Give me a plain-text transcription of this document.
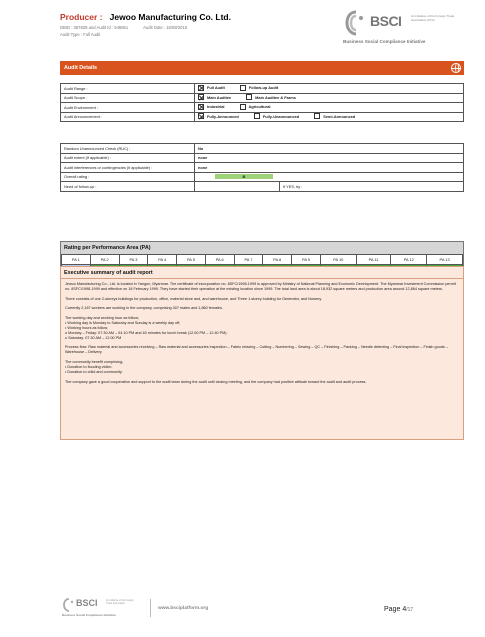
Producer : Jewoo Manufacturing Co. Ltd.
DBID : 387828 and Audit Id : 546651	Audit Date : 16/08/2016
Audit Type : Full Audit
BSCI	An initiative of the Foreign Trade Association (FTA)
Business Social Compliance Initiative
Audit Details
Audit Range :	Full Audit
Follow-up Audit

Audit Scope :	Main Auditee
Main Auditee & Farms

Audit Environment :	Industrial
Agricultural

Audit Announcement :	Fully-Announced
Fully-Unannounced
Semi-Announced
Random Unannounced Check (RUC) :	No	
Audit extent (if applicable) :	none	
Audit interferences or contingencies (if applicable) :	none	
Overall rating :	B	
Need of follow-up :		If YES, by :
Rating per Performance Area (PA)
PA 1	PA 2	PA 3	PA 4	PA 5	PA 6	PA 7	PA 8	PA 9	PA 10	PA 11	PA 12	PA 13

Executive summary of audit report

Jewoo Manufacturing Co., Ltd. is located in Yangon, Myanmar. The certificate of incorporation no. 8SFC/1998-1999 is approved by Ministry of National Planning and Economic Development. The Myanmar Investment Commission permit no. 8SFC/1998-1999 and effective on 18 February 1999. They have started their operation at the existing location since 1999. The total land area is about 18,932 square meters and production area around 12,864 square meters.

There consists of one 2-storeys buildings for production, office, material store and, and warehouse, and Three 1-storey building for Generator, and Nursery.

Currently 2,167 workers are working in the company, comprising 307 males and 1,860 females.

The working day and working hour as follow;
• Working day is Monday to Saturday and Sunday is a weekly day off;
• Working hours as follow;
o Monday – Friday: 07.30 AM – 04.10 PM and 40 minutes for lunch break (12.00 PM – 12.40 PM).
o Saturday: 07.30 AM – 12.00 PM

Process flow: Raw material and accessories receiving – Raw material and accessories inspection – Fabric relaxing – Cutting – Numbering – Sewing – QC – Finishing – Packing – Needle detecting – Final inspection – Finish goods – Warehouse – Delivery

The community benefit comprising;
• Donation to flooding victim.
• Donation to child and community.

The company gave a good cooperation and support to the audit team during the audit until closing meeting, and the company had positive attitude toward the audit and audit process.

BSCI	An initiative of the Foreign Trade Association
Business Social Compliance Initiative
www.bsciplatform.org	Page 4/17
